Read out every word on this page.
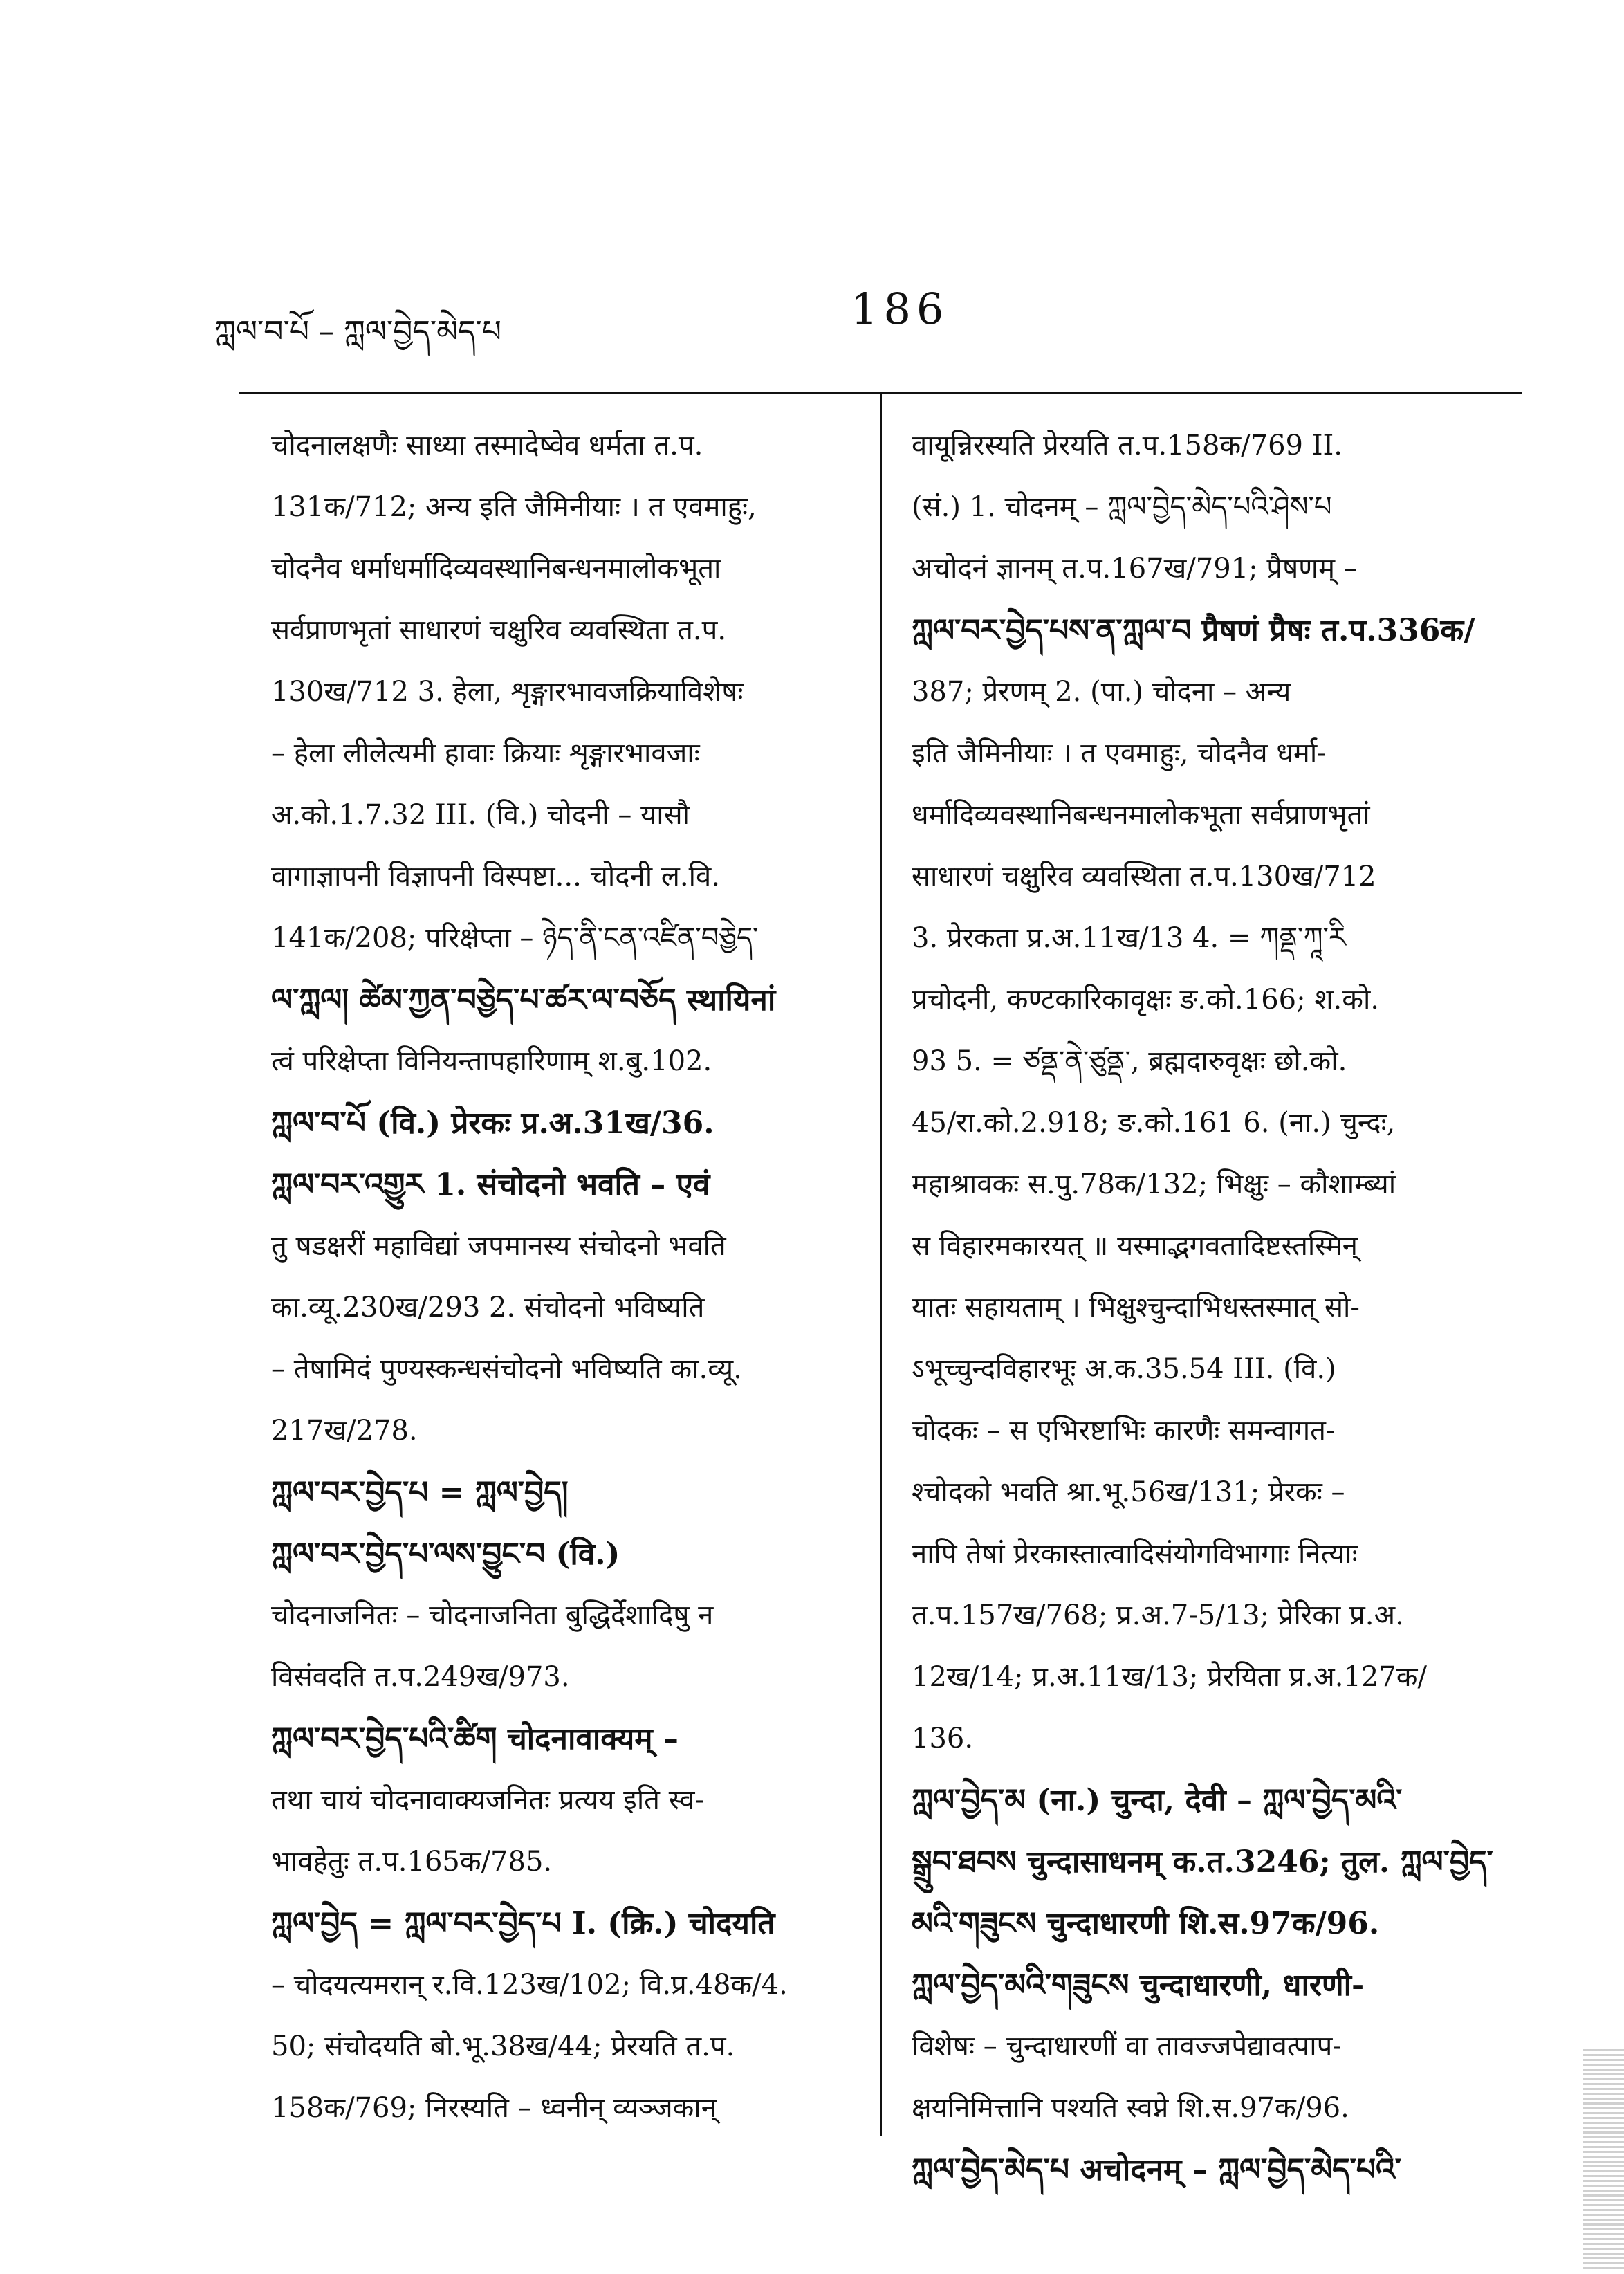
ཀླལ་བ་པོ – ཀླལ་བྱེད་མེད་པ	186
चोदनालक्षणैः साध्या तस्मादेष्वेव धर्मता त.प.
131क/712; अन्य इति जैमिनीयाः । त एवमाहुः,
चोदनैव धर्माधर्मादिव्यवस्थानिबन्धनमालोकभूता
सर्वप्राणभृतां साधारणं चक्षुरिव व्यवस्थिता त.प.
130ख/712 3. हेला, शृङ्गारभावजक्रियाविशेषः
– हेला लीलेत्यमी हावाः क्रियाः शृङ्गारभावजाः
अ.को.1.7.32 III. (वि.) चोदनी – यासौ
वागाज्ञापनी विज्ञापनी विस्पष्टा... चोदनी ल.वि.
141क/208; परिक्षेप्ता – ཉེད་ནི་ངན་འཛིན་བཅྱེད་
ལ་ཀླལ། ཚེམ་ཀྱན་བཅྱེད་པ་ཚར་ལ་བཅོད स्थायिनां
त्वं परिक्षेप्ता विनियन्तापहारिणाम् श.बु.102.
ཀླལ་བ་པོ (वि.) प्रेरकः प्र.अ.31ख/36.
ཀླལ་བར་འགྱུར 1. संचोदनो भवति – एवं
तु षडक्षरीं महाविद्यां जपमानस्य संचोदनो भवति
का.व्यू.230ख/293 2. संचोदनो भविष्यति
– तेषामिदं पुण्यस्कन्धसंचोदनो भविष्यति का.व्यू.
217ख/278.
ཀླལ་བར་བྱེད་པ = ཀླལ་བྱེད།
ཀླལ་བར་བྱེད་པ་ལས་བྱུང་བ (वि.)
चोदनाजनितः – चोदनाजनिता बुद्धिर्देशादिषु न
विसंवदति त.प.249ख/973.
ཀླལ་བར་བྱེད་པའི་ཚིག चोदनावाक्यम् –
तथा चायं चोदनावाक्यजनितः प्रत्यय इति स्व-
भावहेतुः त.प.165क/785.
ཀླལ་བྱེད = ཀླལ་བར་བྱེད་པ I. (क्रि.) चोदयति
– चोदयत्यमरान् र.वि.123ख/102; वि.प्र.48क/4.
50; संचोदयति बो.भू.38ख/44; प्रेरयति त.प.
158क/769; निरस्यति – ध्वनीन् व्यञ्जकान्
वायून्निरस्यति प्रेरयति त.प.158क/769 II.
(सं.) 1. चोदनम् – ཀླལ་བྱེད་མེད་པའི་ཤེས་པ
अचोदनं ज्ञानम् त.प.167ख/791; प्रैषणम् –
ཀླལ་བར་བྱེད་པས་ན་ཀླལ་བ प्रैषणं प्रैषः त.प.336क/
387; प्रेरणम् 2. (पा.) चोदना – अन्य
इति जैमिनीयाः । त एवमाहुः, चोदनैव धर्मा-
धर्मादिव्यवस्थानिबन्धनमालोकभूता सर्वप्राणभृतां
साधारणं चक्षुरिव व्यवस्थिता त.प.130ख/712
3. प्रेरकता प्र.अ.11ख/13 4. = ཀནྡ་ཀཱ་རི
प्रचोदनी, कण्टकारिकावृक्षः ङ.को.166; श.को.
93 5. = ཙནྡ་ནེ་ཙུནྡ་, ब्रह्मदारुवृक्षः छो.को.
45/रा.को.2.918; ङ.को.161 6. (ना.) चुन्दः,
महाश्रावकः स.पु.78क/132; भिक्षुः – कौशाम्ब्यां
स विहारमकारयत् ॥ यस्माद्भगवतादिष्टस्तस्मिन्
यातः सहायताम् । भिक्षुश्चुन्दाभिधस्तस्मात् सो-
ऽभूच्चुन्दविहारभूः अ.क.35.54 III. (वि.)
चोदकः – स एभिरष्टाभिः कारणैः समन्वागत-
श्चोदको भवति श्रा.भू.56ख/131; प्रेरकः –
नापि तेषां प्रेरकास्तात्वादिसंयोगविभागाः नित्याः
त.प.157ख/768; प्र.अ.7-5/13; प्रेरिका प्र.अ.
12ख/14; प्र.अ.11ख/13; प्रेरयिता प्र.अ.127क/
136.
ཀླལ་བྱེད་མ (ना.) चुन्दा, देवी – ཀླལ་བྱེད་མའི་
སྒྲུབ་ཐབས चुन्दासाधनम् क.त.3246; तुल. ཀླལ་བྱེད་
མའི་གཟུངས चुन्दाधारणी शि.स.97क/96.
ཀླལ་བྱེད་མའི་གཟུངས चुन्दाधारणी, धारणी-
विशेषः – चुन्दाधारणीं वा तावज्जपेद्यावत्पाप-
क्षयनिमित्तानि पश्यति स्वप्ने शि.स.97क/96.
ཀླལ་བྱེད་མེད་པ अचोदनम् – ཀླལ་བྱེད་མེད་པའི་
